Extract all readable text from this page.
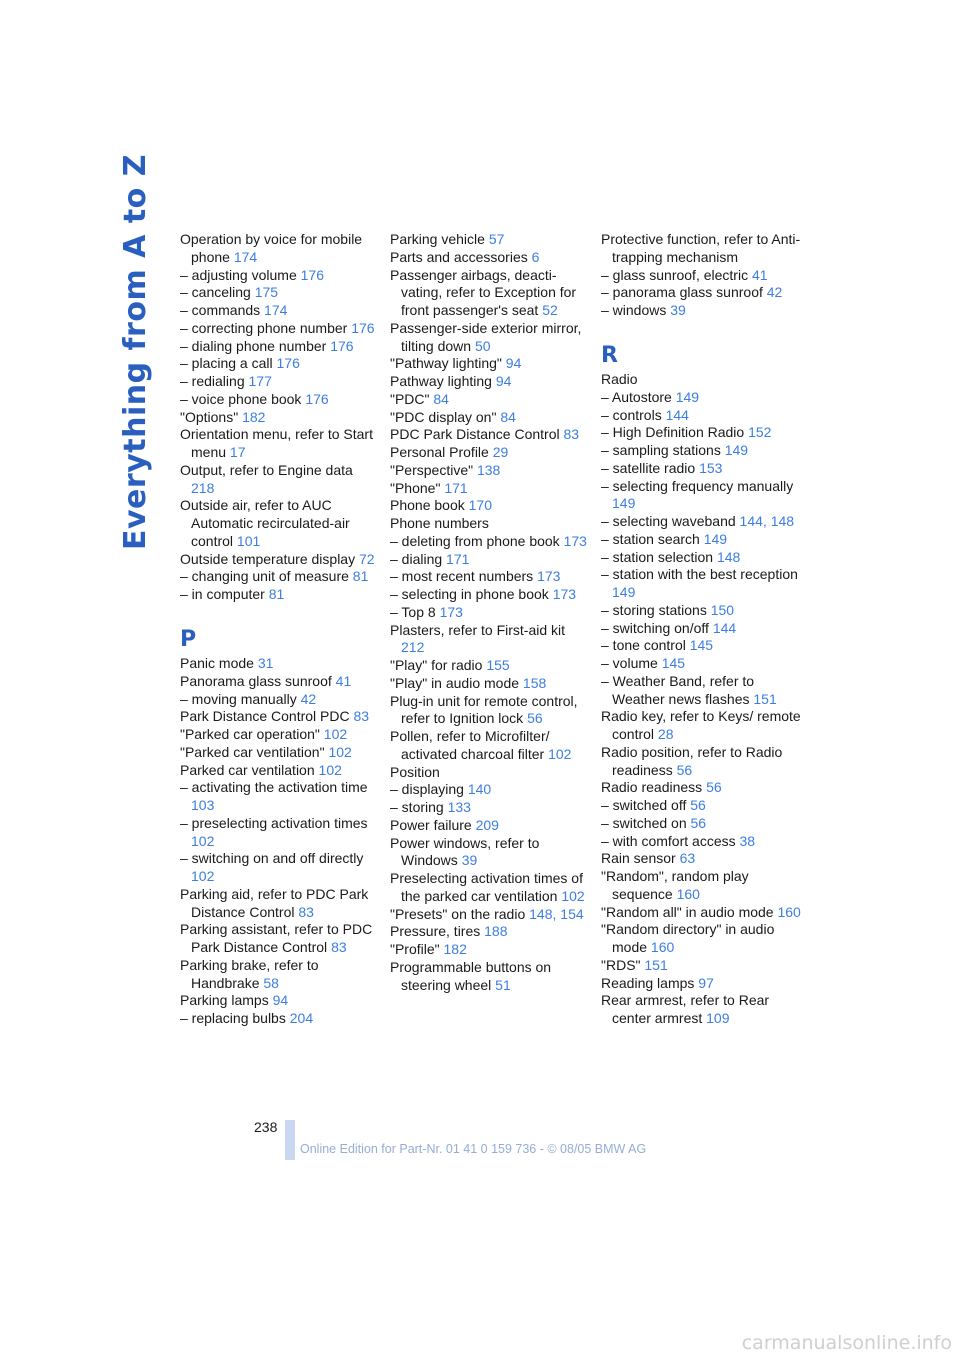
Everything from A to Z Operation by voice for mobile phone 174
– adjusting volume 176
– canceling 175
– commands 174
– correcting phone number 176
– dialing phone number 176
– placing a call 176
– redialing 177
– voice phone book 176
"Options" 182
Orientation menu, refer to Start menu 17
Output, refer to Engine data 218
Outside air, refer to AUC Automatic recirculated-air control 101
Outside temperature display 72
– changing unit of measure 81
– in computer 81
P
Panic mode 31
Panorama glass sunroof 41
– moving manually 42
Park Distance Control PDC 83
"Parked car operation" 102
"Parked car ventilation" 102
Parked car ventilation 102
– activating the activation time 103
– preselecting activation times 102
– switching on and off directly 102
Parking aid, refer to PDC Park Distance Control 83
Parking assistant, refer to PDC Park Distance Control 83
Parking brake, refer to Handbrake 58
Parking lamps 94
– replacing bulbs 204
Parking vehicle 57
Parts and accessories 6
Passenger airbags, deacti-vating, refer to Exception for front passenger's seat 52
Passenger-side exterior mirror, tilting down 50
"Pathway lighting" 94
Pathway lighting 94
"PDC" 84
"PDC display on" 84
PDC Park Distance Control 83
Personal Profile 29
"Perspective" 138
"Phone" 171
Phone book 170
Phone numbers
– deleting from phone book 173
– dialing 171
– most recent numbers 173
– selecting in phone book 173
– Top 8 173
Plasters, refer to First-aid kit 212
"Play" for radio 155
"Play" in audio mode 158
Plug-in unit for remote control, refer to Ignition lock 56
Pollen, refer to Microfilter/ activated charcoal filter 102
Position
– displaying 140
– storing 133
Power failure 209
Power windows, refer to Windows 39
Preselecting activation times of the parked car ventilation 102
"Presets" on the radio 148, 154
Pressure, tires 188
"Profile" 182
Programmable buttons on steering wheel 51
Protective function, refer to Anti-trapping mechanism
– glass sunroof, electric 41
– panorama glass sunroof 42
– windows 39
R
Radio
– Autostore 149
– controls 144
– High Definition Radio 152
– sampling stations 149
– satellite radio 153
– selecting frequency manually 149
– selecting waveband 144, 148
– station search 149
– station selection 148
– station with the best reception 149
– storing stations 150
– switching on/off 144
– tone control 145
– volume 145
– Weather Band, refer to Weather news flashes 151
Radio key, refer to Keys/ remote control 28
Radio position, refer to Radio readiness 56
Radio readiness 56
– switched off 56
– switched on 56
– with comfort access 38
Rain sensor 63
"Random", random play sequence 160
"Random all" in audio mode 160
"Random directory" in audio mode 160
"RDS" 151
Reading lamps 97
Rear armrest, refer to Rear center armrest 109
238
Online Edition for Part-Nr. 01 41 0 159 736 - © 08/05 BMW AG
carmanualsonline.info
